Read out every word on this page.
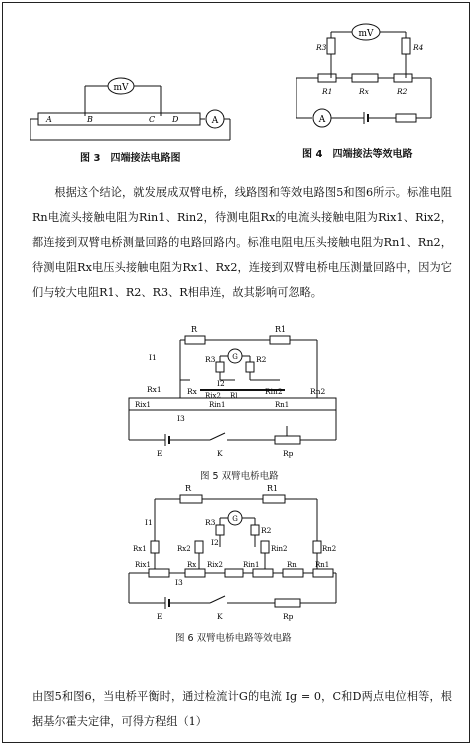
mV
A	B	C D	A
图 3　四端接法电路图
mV
A
R3	R4
R1	Rx	R2
图 4　四端接法等效电路
根据这个结论，就发展成双臂电桥，线路图和等效电路图5和图6所示。标准电阻Rn电流头接触电阻为Rin1、Rin2，待测电阻Rx的电流头接触电阻为Rix1、Rix2，都连接到双臂电桥测量回路的电路回路内。标准电阻电压头接触电阻为Rn1、Rn2，待测电阻Rx电压头接触电阻为Rx1、Rx2，连接到双臂电桥电压测量回路中，因为它们与较大电阻R1、R2、R3、R相串连，故其影响可忽略。
R	R1
G
R3	R2
I1
I2
I3
Rx1	Rx Rix2 Rl	Rin2	Rn2
Rix1	Rin1	Rn1
E	K	Rp
图 5 双臂电桥电路
R	R1
G
R3
R2
I1
I2
I3
Rx1	Rx2	Rin2	Rn2
Rix1	Rix2
Rx	Rin1	Rn	Rn1
E	K	Rp
图 6 双臂电桥电路等效电路
由图5和图6，当电桥平衡时，通过检流计G的电流 Ig = 0，C和D两点电位相等，根据基尔霍夫定律，可得方程组（1）
